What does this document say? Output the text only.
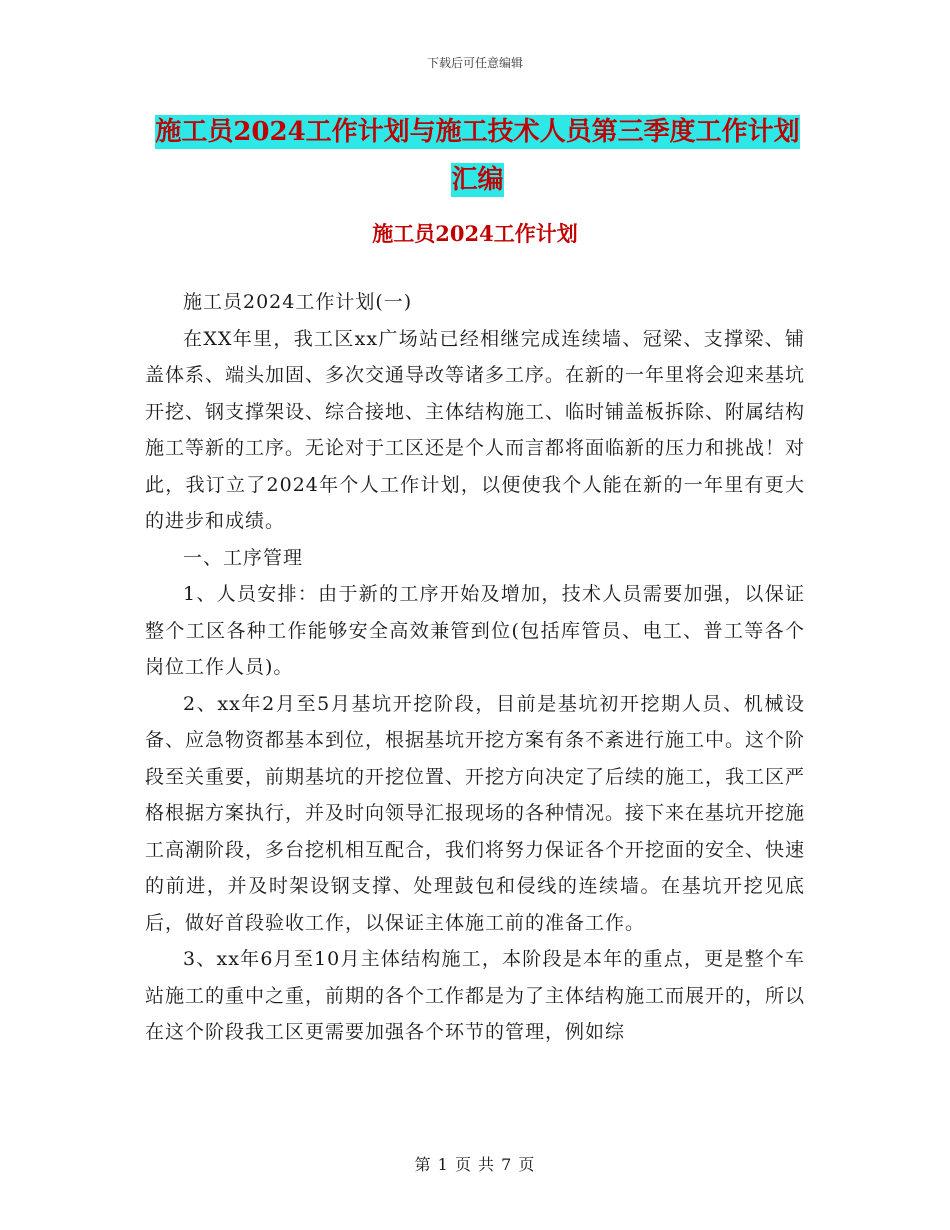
下载后可任意编辑
施工员2024工作计划与施工技术人员第三季度工作计划汇编
施工员2024工作计划

施工员2024工作计划(一)

在XX年里，我工区xx广场站已经相继完成连续墙、冠梁、支撑梁、铺盖体系、端头加固、多次交通导改等诸多工序。在新的一年里将会迎来基坑开挖、钢支撑架设、综合接地、主体结构施工、临时铺盖板拆除、附属结构施工等新的工序。无论对于工区还是个人而言都将面临新的压力和挑战！对此，我订立了2024年个人工作计划，以便使我个人能在新的一年里有更大的进步和成绩。

一、工序管理

1、人员安排：由于新的工序开始及增加，技术人员需要加强，以保证整个工区各种工作能够安全高效兼管到位(包括库管员、电工、普工等各个岗位工作人员)。

2、xx年2月至5月基坑开挖阶段，目前是基坑初开挖期人员、机械设备、应急物资都基本到位，根据基坑开挖方案有条不紊进行施工中。这个阶段至关重要，前期基坑的开挖位置、开挖方向决定了后续的施工，我工区严格根据方案执行，并及时向领导汇报现场的各种情况。接下来在基坑开挖施工高潮阶段，多台挖机相互配合，我们将努力保证各个开挖面的安全、快速的前进，并及时架设钢支撑、处理鼓包和侵线的连续墙。在基坑开挖见底后，做好首段验收工作，以保证主体施工前的准备工作。

3、xx年6月至10月主体结构施工，本阶段是本年的重点，更是整个车站施工的重中之重，前期的各个工作都是为了主体结构施工而展开的，所以在这个阶段我工区更需要加强各个环节的管理，例如综

第 1 页 共 7 页
